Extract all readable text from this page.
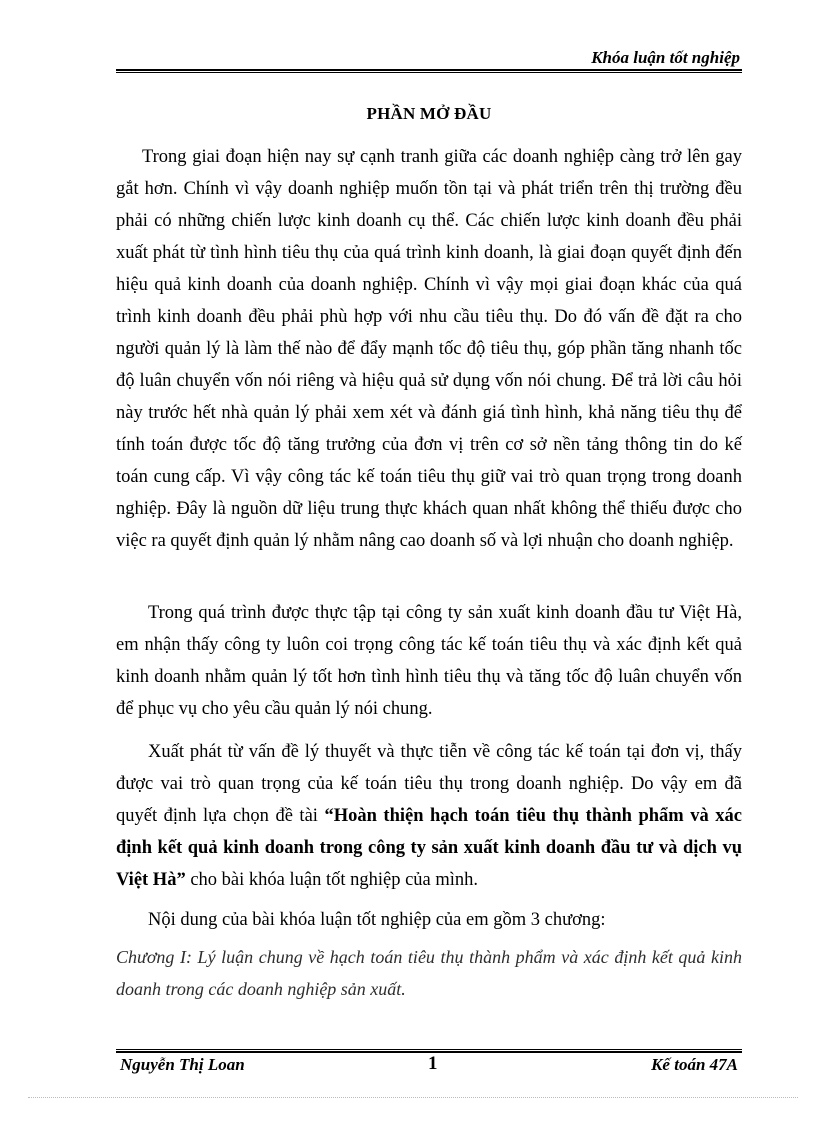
Khóa luận tốt nghiệp
PHẦN MỞ ĐẦU
Trong giai đoạn hiện nay sự cạnh tranh giữa các doanh nghiệp càng trở lên gay gắt hơn. Chính vì vậy doanh nghiệp muốn tồn tại và phát triển trên thị trường đều phải có những chiến lược kinh doanh cụ thể. Các chiến lược kinh doanh đều phải xuất phát từ tình hình tiêu thụ của quá trình kinh doanh, là giai đoạn quyết định đến hiệu quả kinh doanh của doanh nghiệp. Chính vì vậy mọi giai đoạn khác của quá trình kinh doanh đều phải phù hợp với nhu cầu tiêu thụ. Do đó vấn đề đặt ra cho người quản lý là làm thế nào để đẩy mạnh tốc độ tiêu thụ, góp phần tăng nhanh tốc độ luân chuyển vốn nói riêng và hiệu quả sử dụng vốn nói chung. Để trả lời câu hỏi này trước hết nhà quản lý phải xem xét và đánh giá tình hình, khả năng tiêu thụ để tính toán được tốc độ tăng trưởng của đơn vị trên cơ sở nền tảng thông tin do kế toán cung cấp. Vì vậy công tác kế toán tiêu thụ giữ vai trò quan trọng trong doanh nghiệp. Đây là nguồn dữ liệu trung thực khách quan nhất không thể thiếu được cho việc ra quyết định quản lý nhằm nâng cao doanh số và lợi nhuận cho doanh nghiệp.
Trong quá trình được thực tập tại công ty sản xuất kinh doanh đầu tư Việt Hà, em nhận thấy công ty luôn coi trọng công tác kế toán tiêu thụ và xác định kết quả kinh doanh nhằm quản lý tốt hơn tình hình tiêu thụ và tăng tốc độ luân chuyển vốn để phục vụ cho yêu cầu quản lý nói chung.
Xuất phát từ vấn đề lý thuyết và thực tiễn về công tác kế toán tại đơn vị, thấy được vai trò quan trọng của kế toán tiêu thụ trong doanh nghiệp. Do vậy em đã quyết định lựa chọn đề tài “Hoàn thiện hạch toán tiêu thụ thành phẩm và xác định kết quả kinh doanh trong công ty sản xuất kinh doanh đầu tư và dịch vụ Việt Hà” cho bài khóa luận tốt nghiệp của mình.
Nội dung của bài khóa luận tốt nghiệp của em gồm 3 chương:
Chương I: Lý luận chung về hạch toán tiêu thụ thành phẩm và xác định kết quả kinh doanh trong các doanh nghiệp sản xuất.
Nguyễn Thị Loan	1	Kế toán 47A
